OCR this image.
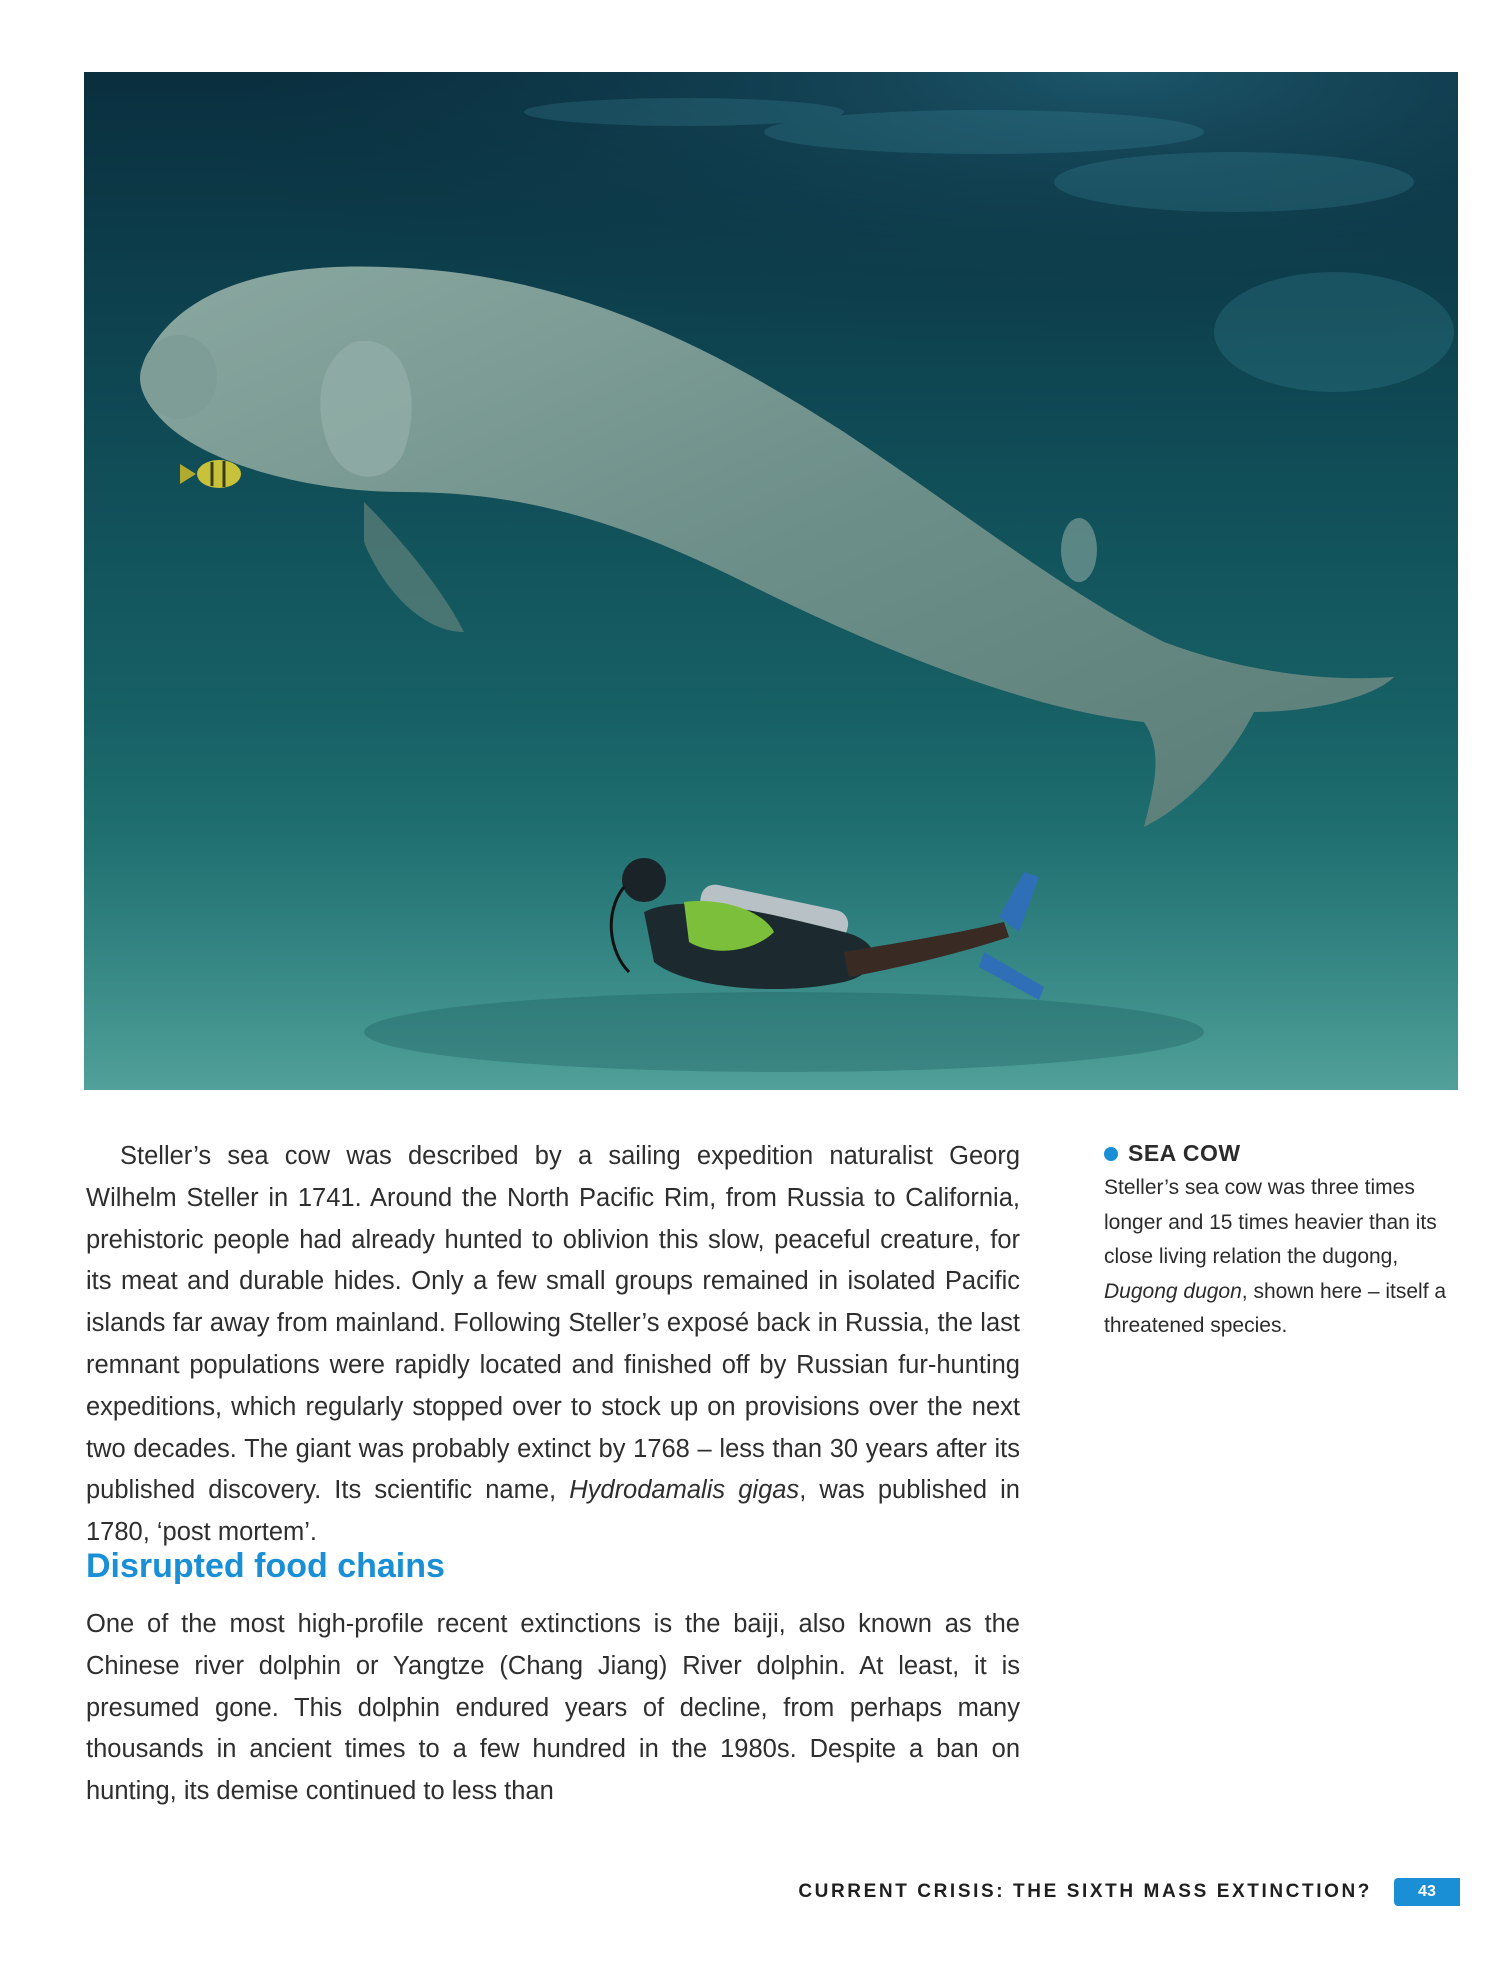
Steller’s sea cow was described by a sailing expedition naturalist Georg Wilhelm Steller in 1741. Around the North Pacific Rim, from Russia to California, prehistoric people had already hunted to oblivion this slow, peaceful creature, for its meat and durable hides. Only a few small groups remained in isolated Pacific islands far away from mainland. Following Steller’s exposé back in Russia, the last remnant populations were rapidly located and finished off by Russian fur-hunting expeditions, which regularly stopped over to stock up on provisions over the next two decades. The giant was probably extinct by 1768 – less than 30 years after its published discovery. Its scientific name, Hydrodamalis gigas, was published in 1780, ‘post mortem’.

Disrupted food chains

One of the most high-profile recent extinctions is the baiji, also known as the Chinese river dolphin or Yangtze (Chang Jiang) River dolphin. At least, it is presumed gone. This dolphin endured years of decline, from perhaps many thousands in ancient times to a few hundred in the 1980s. Despite a ban on hunting, its demise continued to less than

SEA COW

Steller’s sea cow was three times longer and 15 times heavier than its close living relation the dugong, Dugong dugon, shown here – itself a threatened species.

CURRENT CRISIS: THE SIXTH MASS EXTINCTION?	43
